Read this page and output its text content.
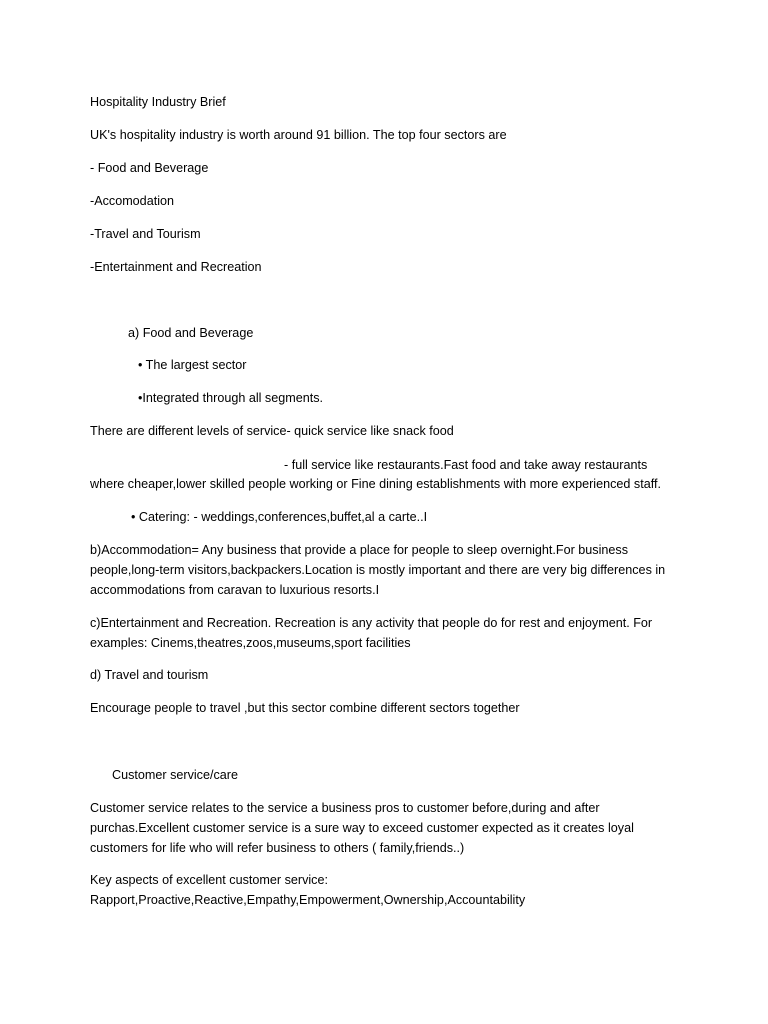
Hospitality Industry Brief
UK's hospitality industry is worth around 91 billion. The top four sectors are
- Food and Beverage
-Accomodation
-Travel and Tourism
-Entertainment and Recreation
a) Food and Beverage
• The largest sector
•Integrated through all segments.
There are different levels of service- quick service like snack food
- full service like restaurants.Fast food and take away restaurants
where cheaper,lower skilled people working or Fine dining establishments with more experienced staff.
• Catering: - weddings,conferences,buffet,al a carte..I
b)Accommodation= Any business that provide a place for people to sleep overnight.For business
people,long-term visitors,backpackers.Location is mostly important and there are very big differences in
accommodations from caravan to luxurious resorts.I
c)Entertainment and Recreation. Recreation is any activity that people do for rest and enjoyment. For
examples: Cinems,theatres,zoos,museums,sport facilities
d) Travel and tourism
Encourage people to travel ,but this sector combine different sectors together
Customer service/care
Customer service relates to the service a business pros to customer before,during and after
purchas.Excellent customer service is a sure way to exceed customer expected as it creates loyal
customers for life who will refer business to others ( family,friends..)
Key aspects of excellent customer service:
Rapport,Proactive,Reactive,Empathy,Empowerment,Ownership,Accountability
